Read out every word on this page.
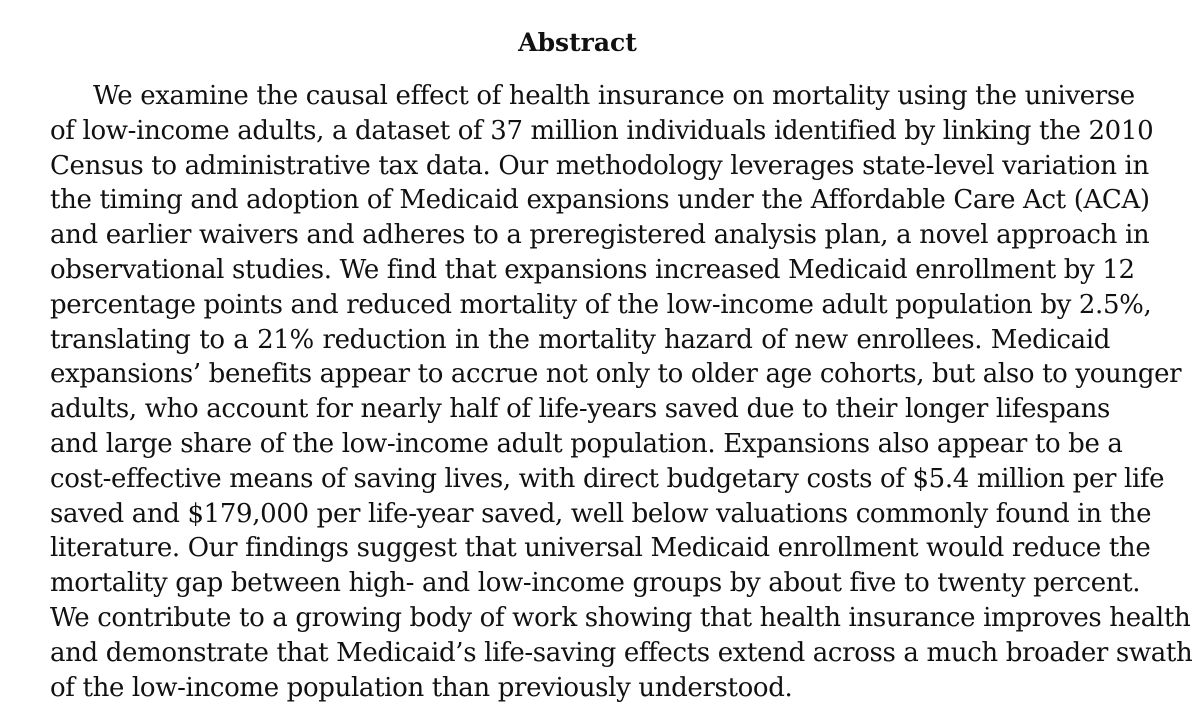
Abstract
We examine the causal effect of health insurance on mortality using the universe
of low-income adults, a dataset of 37 million individuals identified by linking the 2010
Census to administrative tax data. Our methodology leverages state-level variation in
the timing and adoption of Medicaid expansions under the Affordable Care Act (ACA)
and earlier waivers and adheres to a preregistered analysis plan, a novel approach in
observational studies. We find that expansions increased Medicaid enrollment by 12
percentage points and reduced mortality of the low-income adult population by 2.5%,
translating to a 21% reduction in the mortality hazard of new enrollees. Medicaid
expansions’ benefits appear to accrue not only to older age cohorts, but also to younger
adults, who account for nearly half of life-years saved due to their longer lifespans
and large share of the low-income adult population. Expansions also appear to be a
cost-effective means of saving lives, with direct budgetary costs of $5.4 million per life
saved and $179,000 per life-year saved, well below valuations commonly found in the
literature. Our findings suggest that universal Medicaid enrollment would reduce the
mortality gap between high- and low-income groups by about five to twenty percent.
We contribute to a growing body of work showing that health insurance improves health
and demonstrate that Medicaid’s life-saving effects extend across a much broader swath
of the low-income population than previously understood.
